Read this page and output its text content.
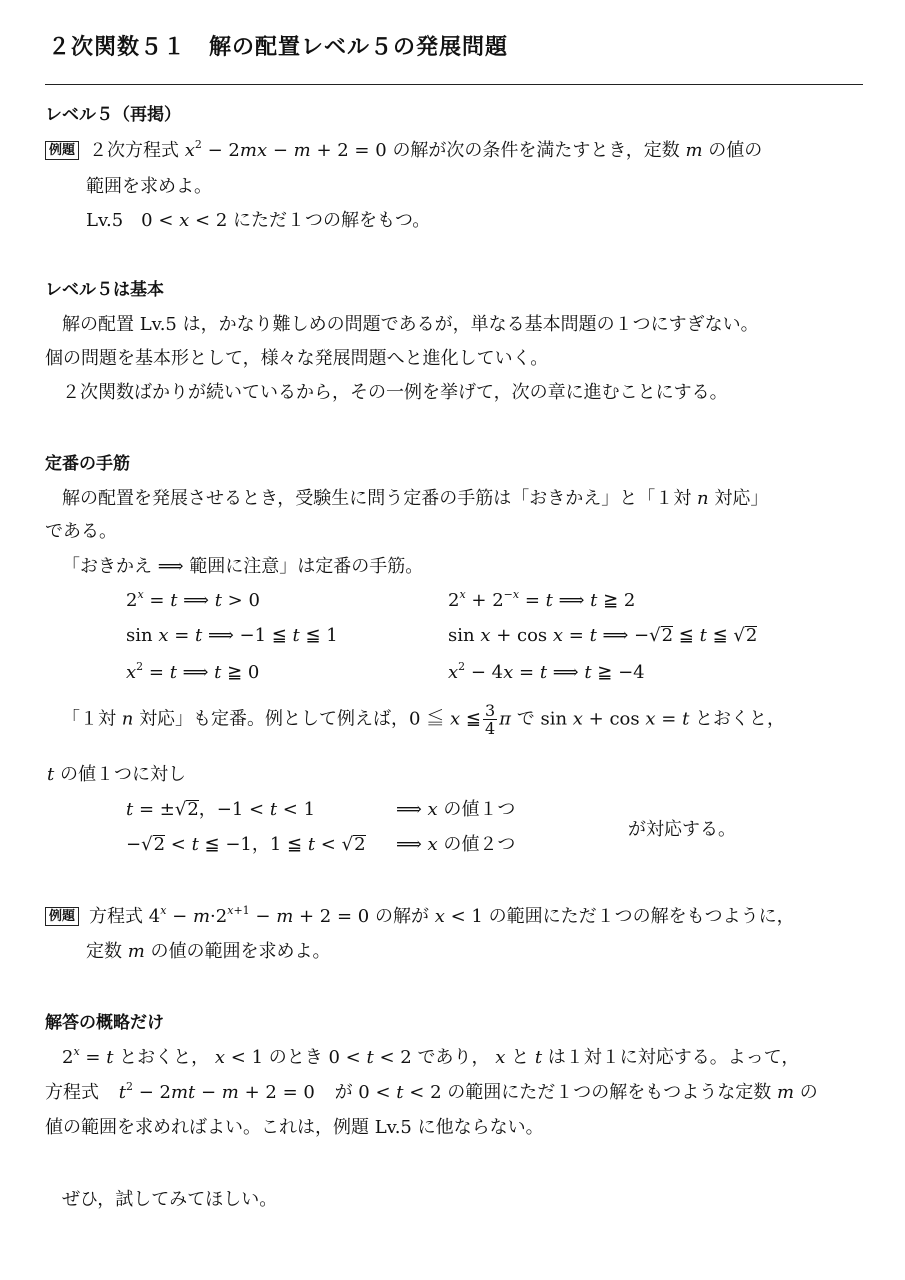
２次関数５１　解の配置レベル５の発展問題
レベル５（再掲）
例題 ２次方程式 $x^2 - 2mx - m + 2 = 0$ の解が次の条件を満たすとき，定数 m の値の
範囲を求めよ。
Lv.5　0 < x < 2 にただ１つの解をもつ。
レベル５は基本
解の配置 Lv.5 は，かなり難しめの問題であるが，単なる基本問題の１つにすぎない。
個の問題を基本形として，様々な発展問題へと進化していく。
２次関数ばかりが続いているから，その一例を挙げて，次の章に進むことにする。
定番の手筋
解の配置を発展させるとき，受験生に問う定番の手筋は「おきかえ」と「１対 n 対応」
である。
「おきかえ ⟹ 範囲に注意」は定番の手筋。
$2^x = t$ ⟹ t > 0	$2^x + 2^{-x} = t$ ⟹ t ≧ 2
sin x = t ⟹ −1 ≦ t ≦ 1	sin x + cos x = t ⟹ −√2 ≦ t ≦ √2
$x^2 = t$ ⟹ t ≧ 0	$x^2 - 4x = t$ ⟹ t ≧ −4
「１対 n 対応」も定番。例として例えば，0 ≦ x ≦ $\frac{3}{4}$ π で sin x + cos x = t とおくと，
t の値１つに対し
t = ±√2，−1 < t < 1	⟹ x の値１つ
−√2 < t ≦ −1，1 ≦ t < √2 ⟹ x の値２つ
が対応する。
例題 方程式 $4^x - m\cdot 2^{x+1} - m + 2 = 0$ の解が x < 1 の範囲にただ１つの解をもつように，
定数 m の値の範囲を求めよ。
解答の概略だけ
$2^x = t$ とおくと， x < 1 のとき 0 < t < 2 であり， x と t は１対１に対応する。よって，
方程式 $t^2 - 2mt - m + 2 = 0$ が 0 < t < 2 の範囲にただ１つの解をもつような定数 m の
値の範囲を求めればよい。これは，例題 Lv.5 に他ならない。
ぜひ，試してみてほしい。
